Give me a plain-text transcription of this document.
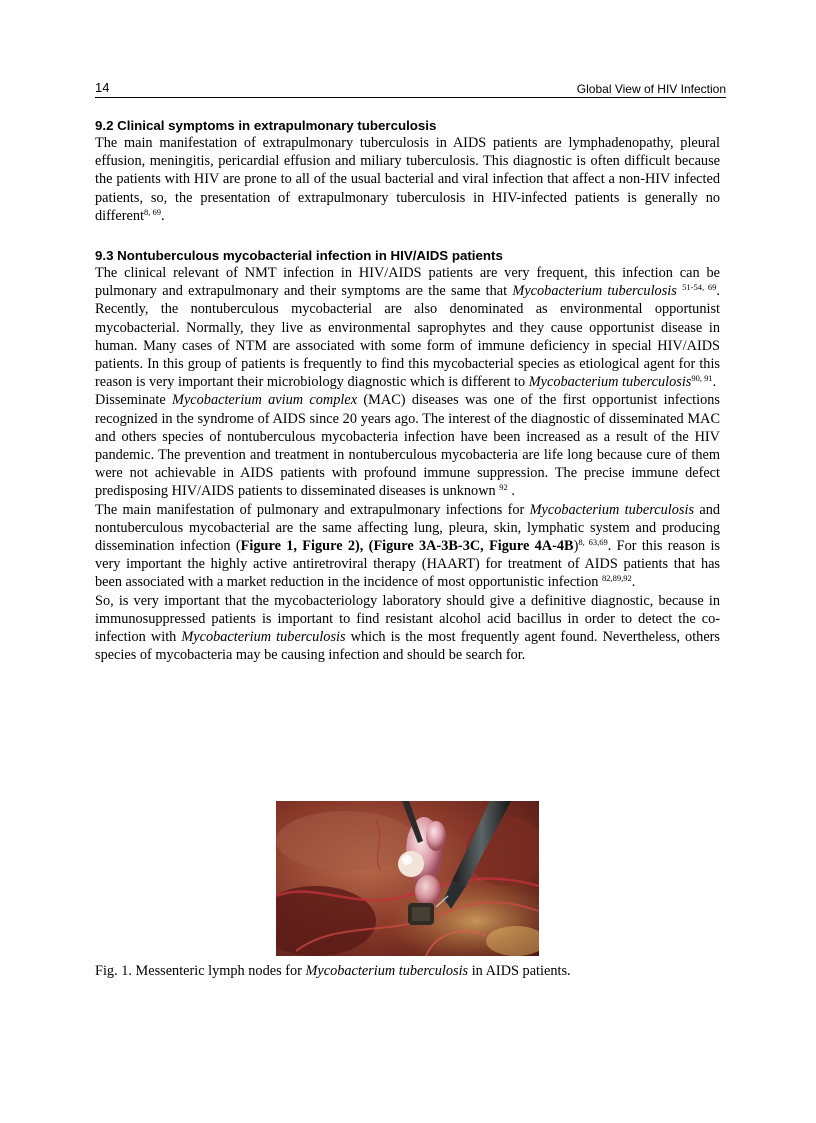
14	Global View of HIV Infection
9.2 Clinical symptoms in extrapulmonary tuberculosis

The main manifestation of extrapulmonary tuberculosis in AIDS patients are lymphadenopathy, pleural effusion, meningitis, pericardial effusion and miliary tuberculosis. This diagnostic is often difficult because the patients with HIV are prone to all of the usual bacterial and viral infection that affect a non-HIV infected patients, so, the presentation of extrapulmonary tuberculosis in HIV-infected patients is generally no different$^{8, 69}$.

9.3 Nontuberculous mycobacterial infection in HIV/AIDS patients

The clinical relevant of NMT infection in HIV/AIDS patients are very frequent, this infection can be pulmonary and extrapulmonary and their symptoms are the same that Mycobacterium tuberculosis $^{51-54, 69}$. Recently, the nontuberculous mycobacterial are also denominated as environmental opportunist mycobacterial. Normally, they live as environmental saprophytes and they cause opportunist disease in human. Many cases of NTM are associated with some form of immune deficiency in special HIV/AIDS patients. In this group of patients is frequently to find this mycobacterial species as etiological agent for this reason is very important their microbiology diagnostic which is different to Mycobacterium tuberculosis$^{90, 91}$.

Disseminate Mycobacterium avium complex (MAC) diseases was one of the first opportunist infections recognized in the syndrome of AIDS since 20 years ago. The interest of the diagnostic of disseminated MAC and others species of nontuberculous mycobacteria infection have been increased as a result of the HIV pandemic. The prevention and treatment in nontuberculous mycobacteria are life long because cure of them were not achievable in AIDS patients with profound immune suppression. The precise immune defect predisposing HIV/AIDS patients to disseminated diseases is unknown $^{92}$ .

The main manifestation of pulmonary and extrapulmonary infections for Mycobacterium tuberculosis and nontuberculous mycobacterial are the same affecting lung, pleura, skin, lymphatic system and producing dissemination infection (Figure 1, Figure 2), (Figure 3A-3B-3C, Figure 4A-4B)$^{8, 63,69}$. For this reason is very important the highly active antiretroviral therapy (HAART) for treatment of AIDS patients that has been associated with a market reduction in the incidence of most opportunistic infection $^{82,89,92}$.

So, is very important that the mycobacteriology laboratory should give a definitive diagnostic, because in immunosuppressed patients is important to find resistant alcohol acid bacillus in order to detect the co-infection with Mycobacterium tuberculosis which is the most frequently agent found. Nevertheless, others species of mycobacteria may be causing infection and should be search for.

Fig. 1. Messenteric lymph nodes for Mycobacterium tuberculosis in AIDS patients.
